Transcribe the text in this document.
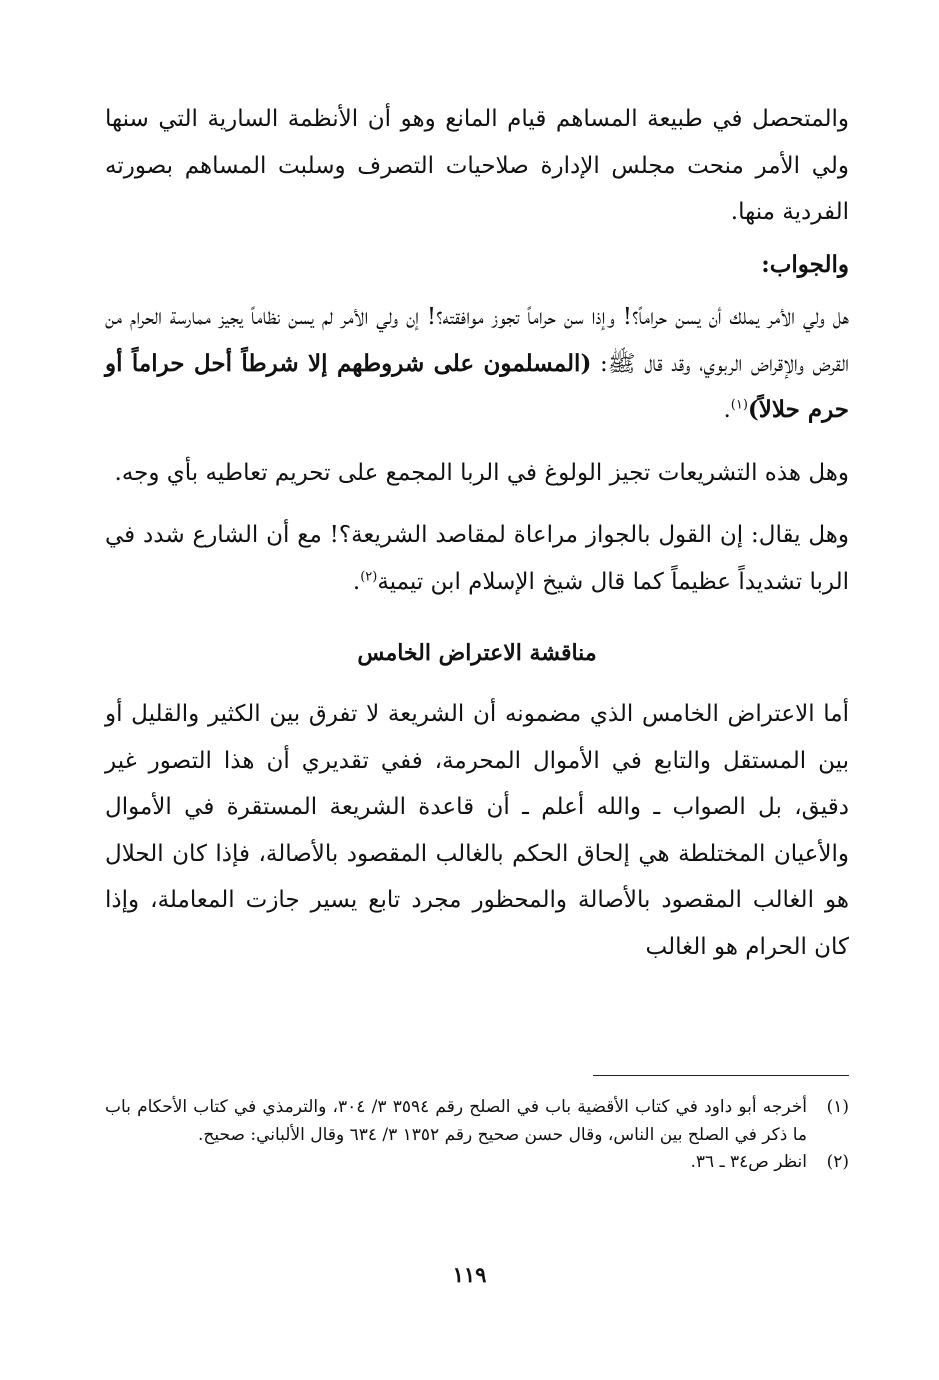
والمتحصل في طبيعة المساهم قيام المانع وهو أن الأنظمة السارية التي سنها ولي الأمر منحت مجلس الإدارة صلاحيات التصرف وسلبت المساهم بصورته الفردية منها.

والجواب:

هل ولي الأمر يملك أن يسن حراماً؟! وإذا سن حراماً تجوز موافقته؟! إن ولي الأمر لم يسن نظاماً يجيز ممارسة الحرام من القرض والإقراض الربوي، وقد قال ﷺ: (المسلمون على شروطهم إلا شرطاً أحل حراماً أو حرم حلالاً)$^{(١)}$.

وهل هذه التشريعات تجيز الولوغ في الربا المجمع على تحريم تعاطيه بأي وجه.

وهل يقال: إن القول بالجواز مراعاة لمقاصد الشريعة؟! مع أن الشارع شدد في الربا تشديداً عظيماً كما قال شيخ الإسلام ابن تيمية$^{(٢)}$.

مناقشة الاعتراض الخامس

أما الاعتراض الخامس الذي مضمونه أن الشريعة لا تفرق بين الكثير والقليل أو بين المستقل والتابع في الأموال المحرمة، ففي تقديري أن هذا التصور غير دقيق، بل الصواب ـ والله أعلم ـ أن قاعدة الشريعة المستقرة في الأموال والأعيان المختلطة هي إلحاق الحكم بالغالب المقصود بالأصالة، فإذا كان الحلال هو الغالب المقصود بالأصالة والمحظور مجرد تابع يسير جازت المعاملة، وإذا كان الحرام هو الغالب

(١)
أخرجه أبو داود في كتاب الأقضية باب في الصلح رقم ٣٥٩٤ ٣/ ٣٠٤، والترمذي في كتاب الأحكام باب ما ذكر في الصلح بين الناس، وقال حسن صحيح رقم ١٣٥٢ ٣/ ٦٣٤ وقال الألباني: صحيح.
(٢)
انظر ص٣٤ ـ ٣٦.
١١٩
